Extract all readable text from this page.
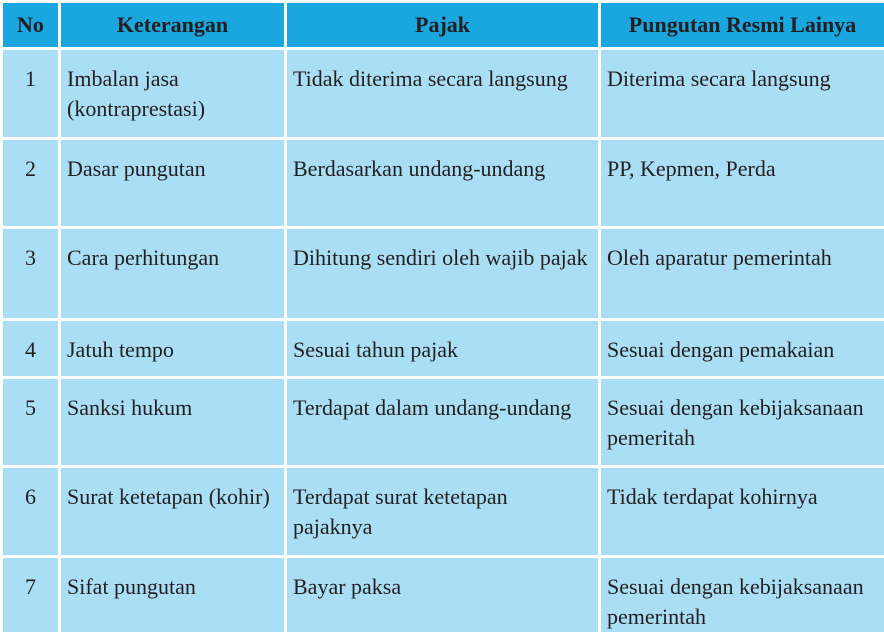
No	Keterangan	Pajak	Pungutan Resmi Lainya
1	Imbalan jasa (kontraprestasi)	Tidak diterima secara langsung	Diterima secara langsung
2	Dasar pungutan	Berdasarkan undang-undang	PP, Kepmen, Perda
3	Cara perhitungan	Dihitung sendiri oleh wajib pajak	Oleh aparatur pemerintah
4	Jatuh tempo	Sesuai tahun pajak	Sesuai dengan pemakaian
5	Sanksi hukum	Terdapat dalam undang-undang	Sesuai dengan kebijaksanaan pemeritah
6	Surat ketetapan (kohir)	Terdapat surat ketetapan pajaknya	Tidak terdapat kohirnya
7	Sifat pungutan	Bayar paksa	Sesuai dengan kebijaksanaan pemerintah
